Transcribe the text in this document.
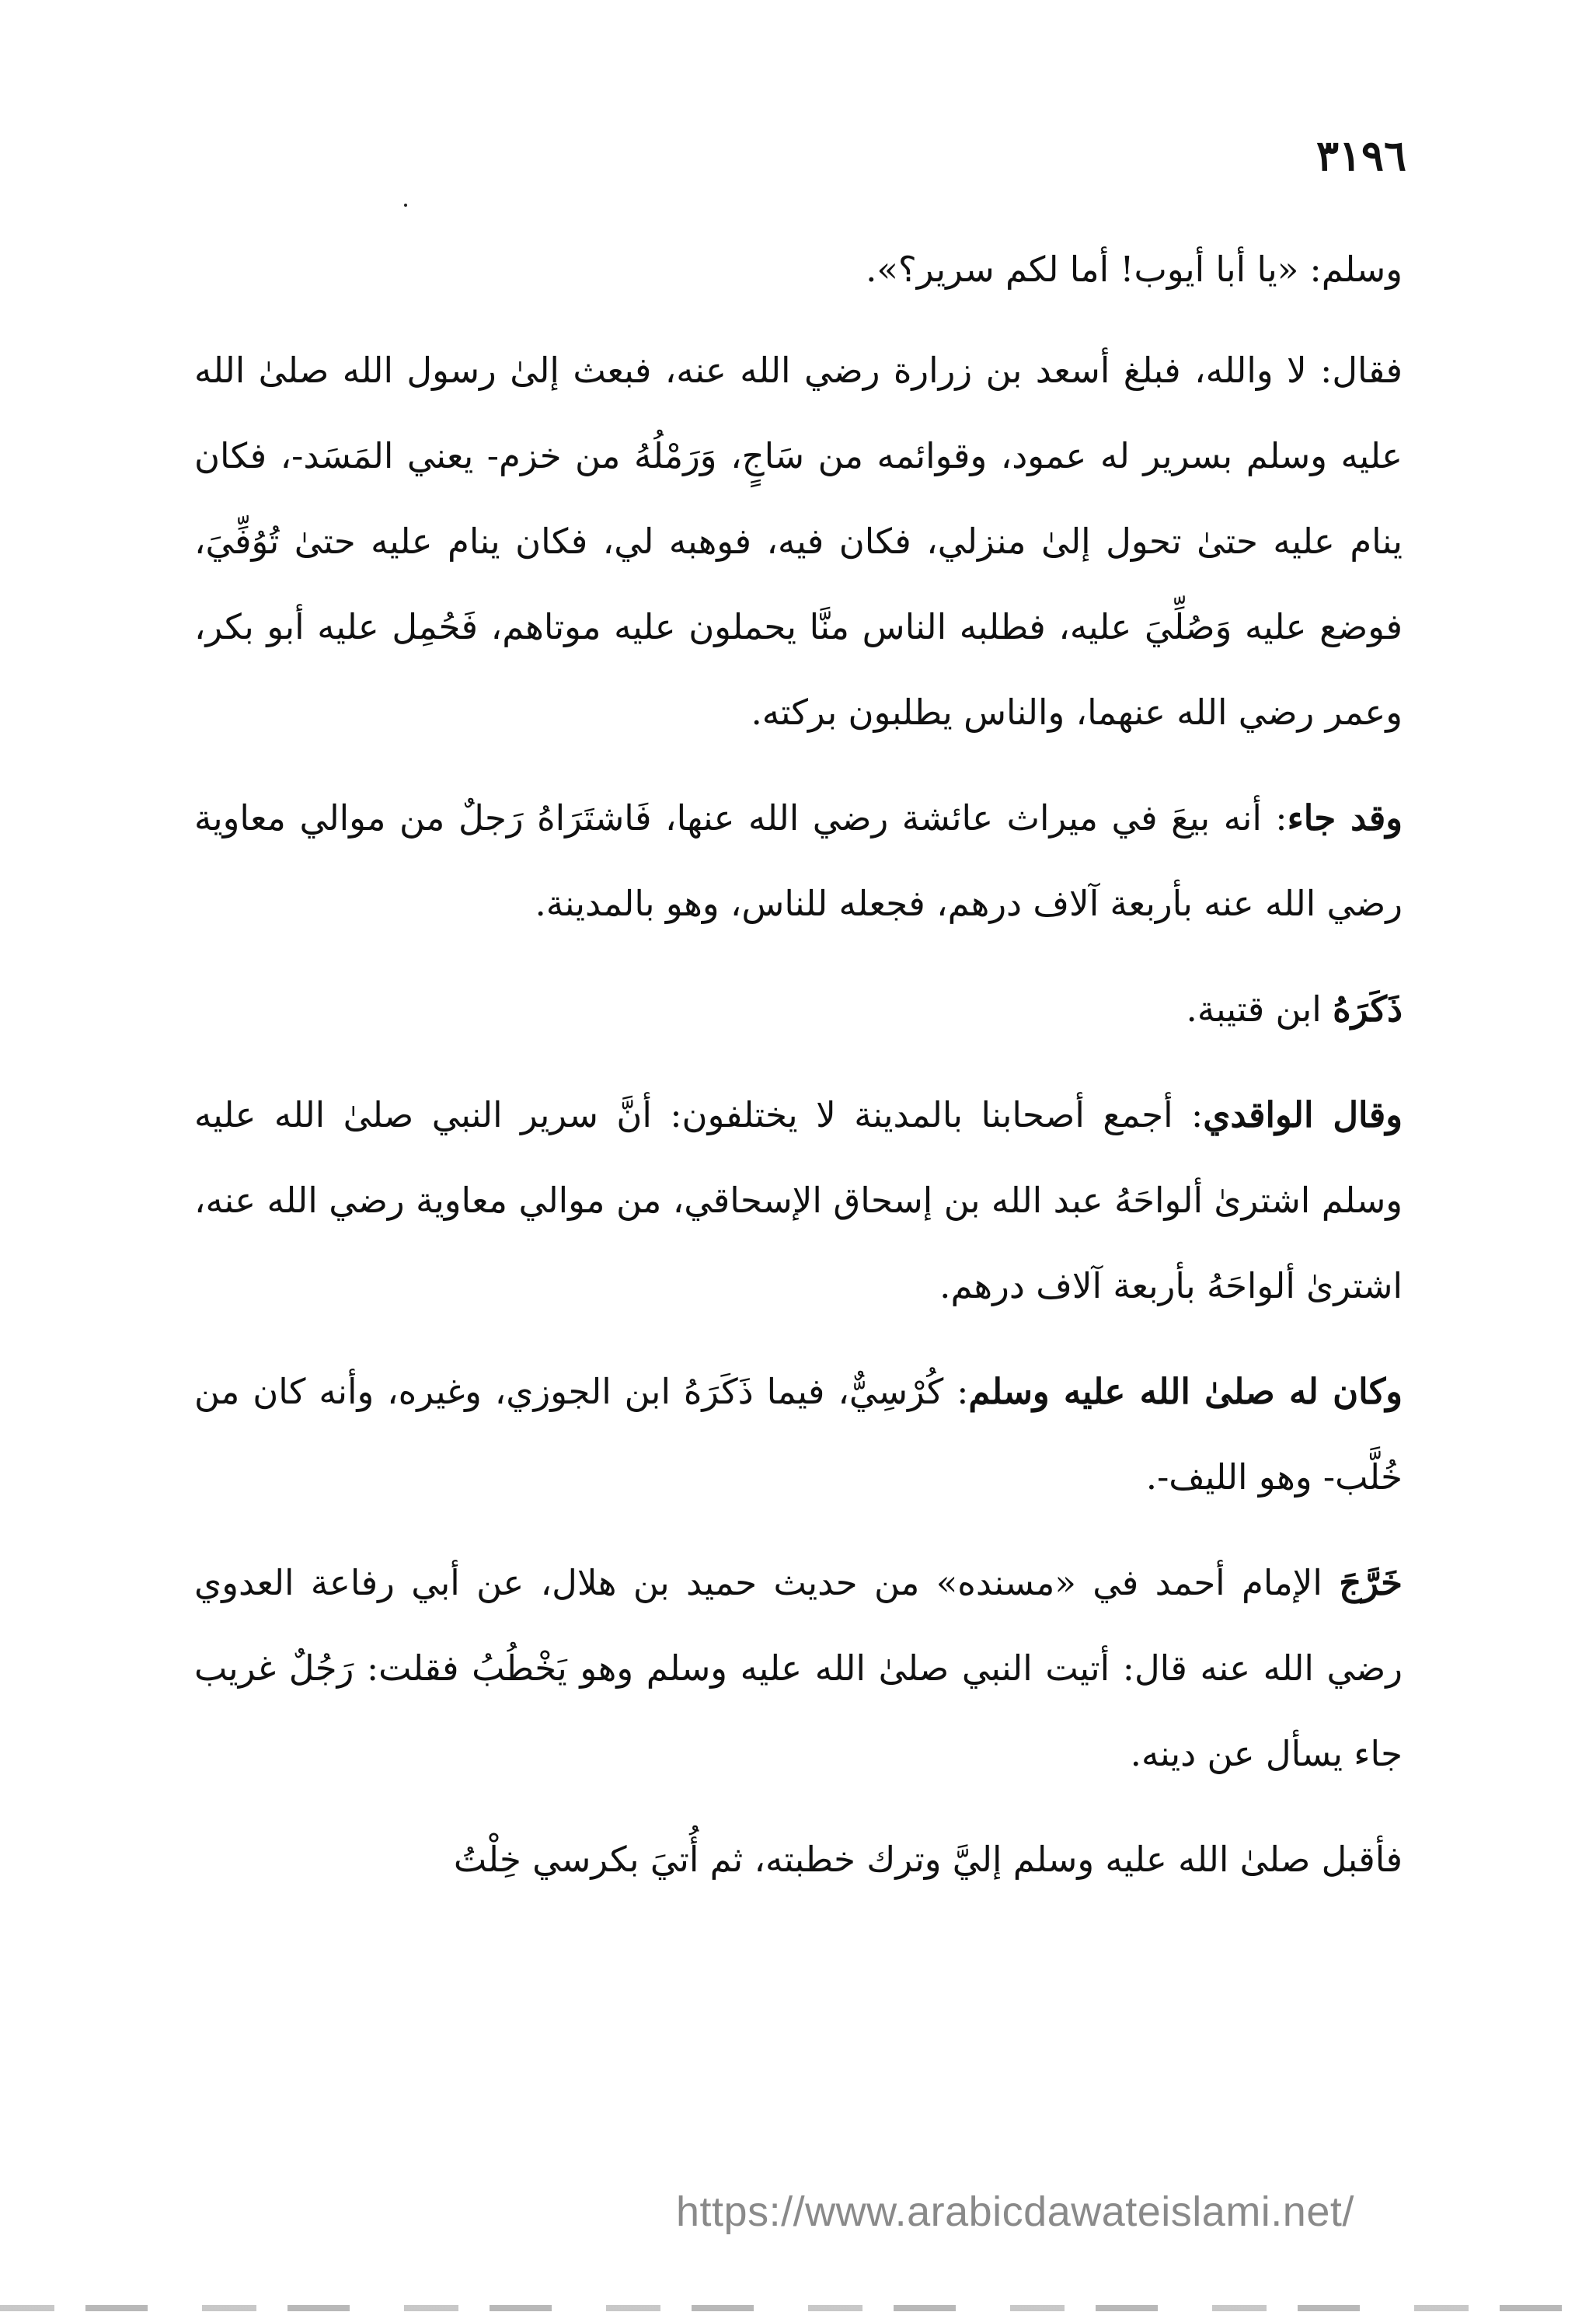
٣١٩٦

وسلم: «يا أبا أيوب! أما لكم سرير؟».

فقال: لا والله، فبلغ أسعد بن زرارة رضي الله عنه، فبعث إلىٰ رسول الله صلىٰ الله عليه وسلم بسرير له عمود، وقوائمه من سَاجٍ، وَرَمْلُهُ من خزم- يعني المَسَد-، فكان ينام عليه حتىٰ تحول إلىٰ منزلي، فكان فيه، فوهبه لي، فكان ينام عليه حتىٰ تُوُفِّيَ، فوضع عليه وَصُلِّيَ عليه، فطلبه الناس منَّا يحملون عليه موتاهم، فَحُمِل عليه أبو بكر، وعمر رضي الله عنهما، والناس يطلبون بركته.

وقد جاء: أنه بيعَ في ميراث عائشة رضي الله عنها، فَاشتَرَاهُ رَجلٌ من موالي معاوية رضي الله عنه بأربعة آلاف درهم، فجعله للناس، وهو بالمدينة.

ذَكَرَهُ ابن قتيبة.

وقال الواقدي: أجمع أصحابنا بالمدينة لا يختلفون: أنَّ سرير النبي صلىٰ الله عليه وسلم اشترىٰ ألواحَهُ عبد الله بن إسحاق الإسحاقي، من موالي معاوية رضي الله عنه، اشترىٰ ألواحَهُ بأربعة آلاف درهم.

وكان له صلىٰ الله عليه وسلم: كُرْسِيٌّ، فيما ذَكَرَهُ ابن الجوزي، وغيره، وأنه كان من خُلَّب- وهو الليف-.

خَرَّجَ الإمام أحمد في «مسنده» من حديث حميد بن هلال، عن أبي رفاعة العدوي رضي الله عنه قال: أتيت النبي صلىٰ الله عليه وسلم وهو يَخْطُبُ فقلت: رَجُلٌ غريب جاء يسأل عن دينه.

فأقبل صلىٰ الله عليه وسلم إليَّ وترك خطبته، ثم أُتيَ بكرسي خِلْتُ

https://www.arabicdawateislami.net/
